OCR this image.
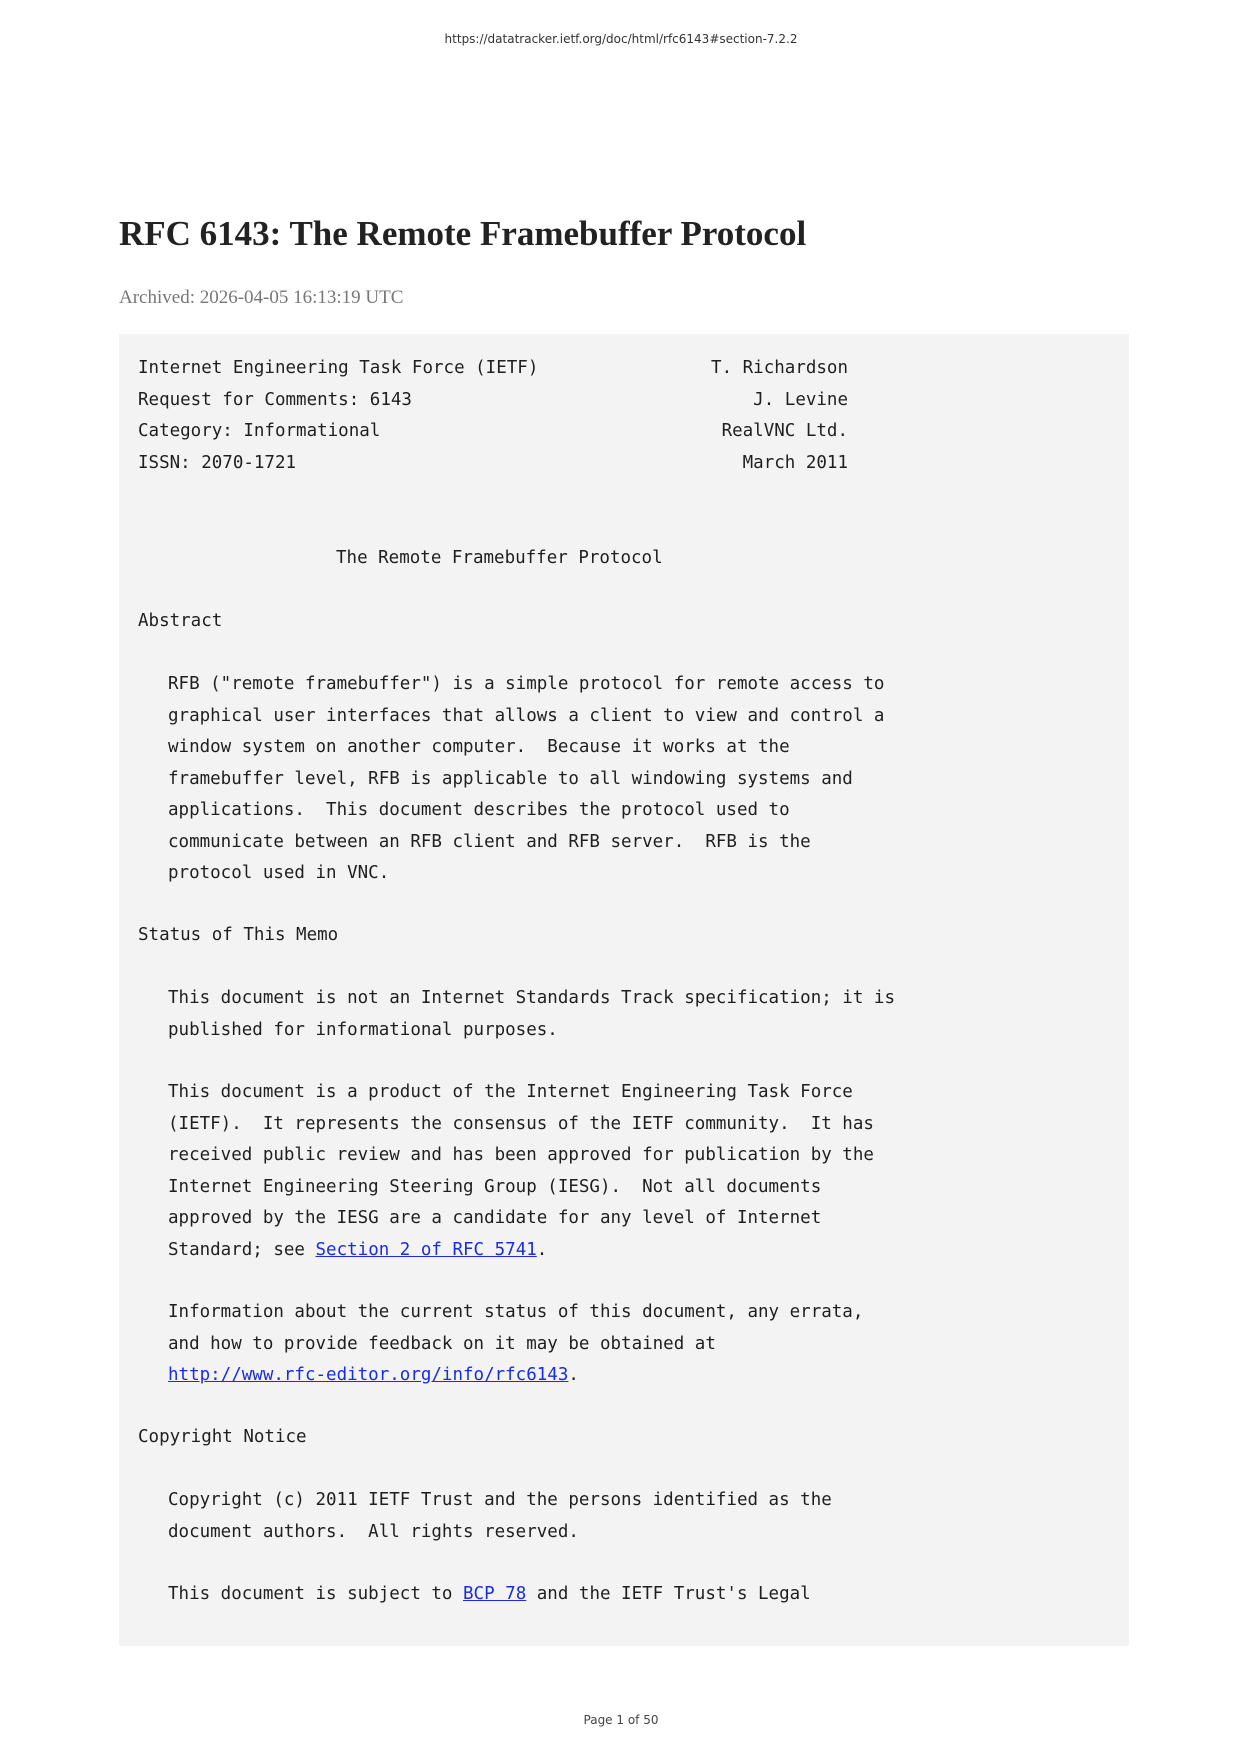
https://datatracker.ietf.org/doc/html/rfc6143#section-7.2.2
RFC 6143: The Remote Framebuffer Protocol
Archived: 2026-04-05 16:13:19 UTC
Internet Engineering Task Force (IETF)
Request for Comments: 6143
Category: Informational
ISSN: 2070-1721
T. Richardson
J. Levine
RealVNC Ltd.
March 2011
The Remote Framebuffer Protocol
Abstract
RFB ("remote framebuffer") is a simple protocol for remote access to
graphical user interfaces that allows a client to view and control a
window system on another computer.  Because it works at the
framebuffer level, RFB is applicable to all windowing systems and
applications.  This document describes the protocol used to
communicate between an RFB client and RFB server.  RFB is the
protocol used in VNC.
Status of This Memo
This document is not an Internet Standards Track specification; it is
published for informational purposes.
This document is a product of the Internet Engineering Task Force
(IETF).  It represents the consensus of the IETF community.  It has
received public review and has been approved for publication by the
Internet Engineering Steering Group (IESG).  Not all documents
approved by the IESG are a candidate for any level of Internet
Standard; see Section 2 of RFC 5741.
Information about the current status of this document, any errata,
and how to provide feedback on it may be obtained at
http://www.rfc-editor.org/info/rfc6143.
Copyright Notice
Copyright (c) 2011 IETF Trust and the persons identified as the
document authors.  All rights reserved.
This document is subject to BCP 78 and the IETF Trust's Legal
Page 1 of 50
